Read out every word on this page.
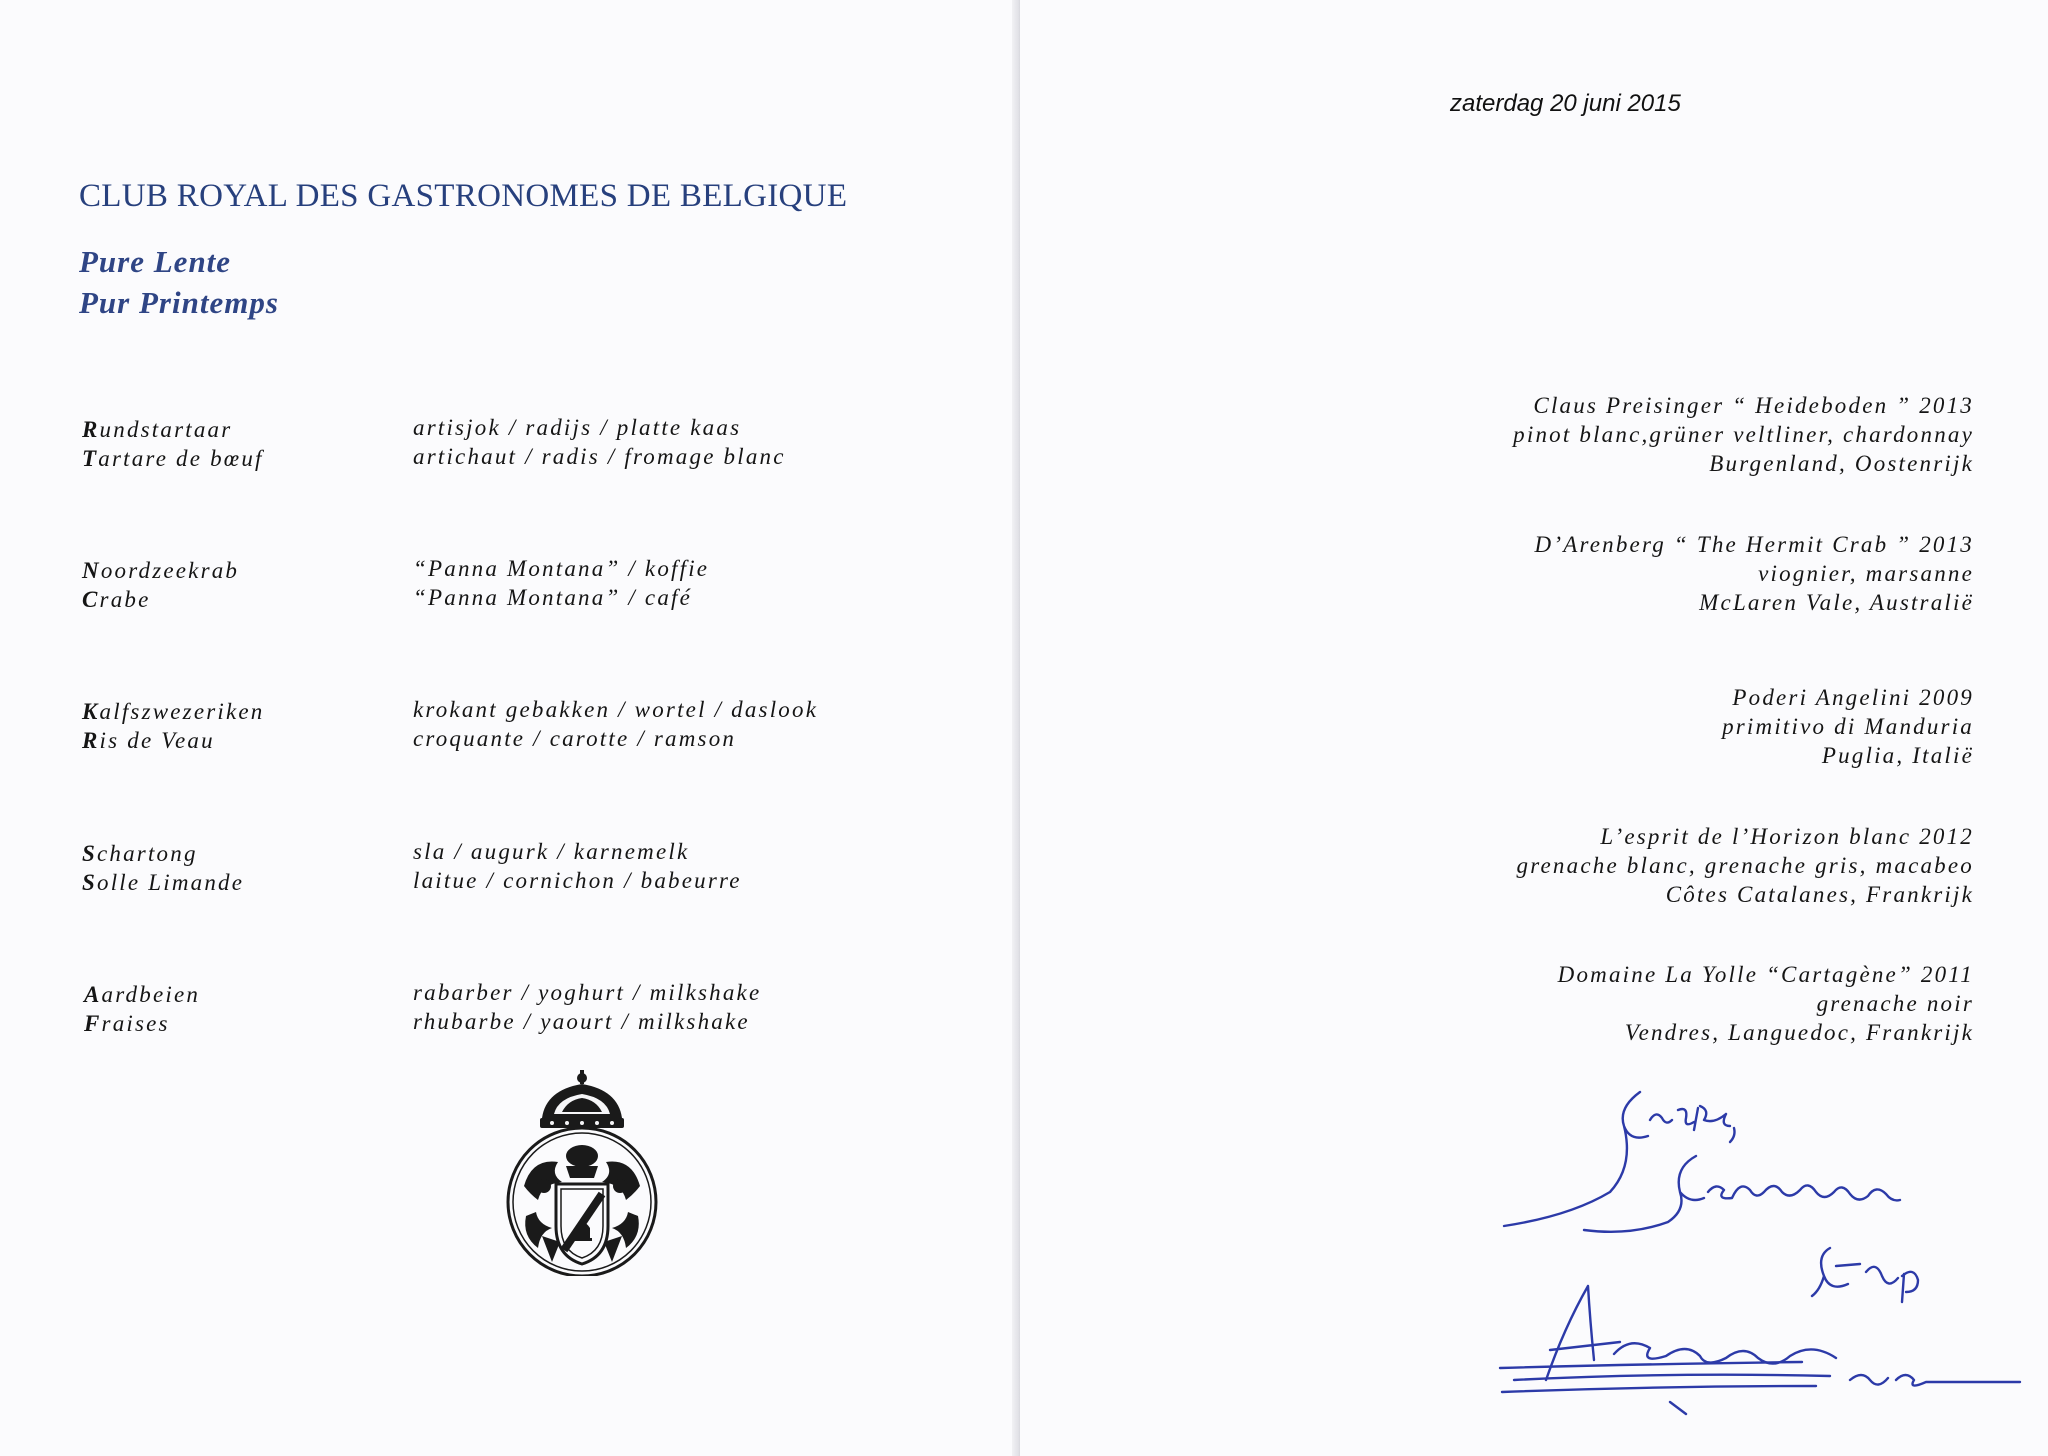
CLUB ROYAL DES GASTRONOMES DE BELGIQUE
Pure Lente
Pur Printemps
Rundstartaar
Tartare de bœuf
artisjok / radijs / platte kaas
artichaut / radis / fromage blanc
Noordzeekrab
Crabe
“Panna Montana” / koffie
“Panna Montana” / café
Kalfszwezeriken
Ris de Veau
krokant gebakken / wortel / daslook
croquante / carotte / ramson
Schartong
Solle Limande
sla / augurk / karnemelk
laitue / cornichon / babeurre
Aardbeien
Fraises
rabarber / yoghurt / milkshake
rhubarbe / yaourt / milkshake
zaterdag 20 juni 2015
Claus Preisinger “ Heideboden ” 2013
pinot blanc,grüner veltliner, chardonnay
Burgenland, Oostenrijk
D’Arenberg “ The Hermit Crab ” 2013
viognier, marsanne
McLaren Vale, Australië
Poderi Angelini 2009
primitivo di Manduria
Puglia, Italië
L’esprit de l’Horizon blanc 2012
grenache blanc, grenache gris, macabeo
Côtes Catalanes, Frankrijk
Domaine La Yolle “Cartagène” 2011
grenache noir
Vendres, Languedoc, Frankrijk
